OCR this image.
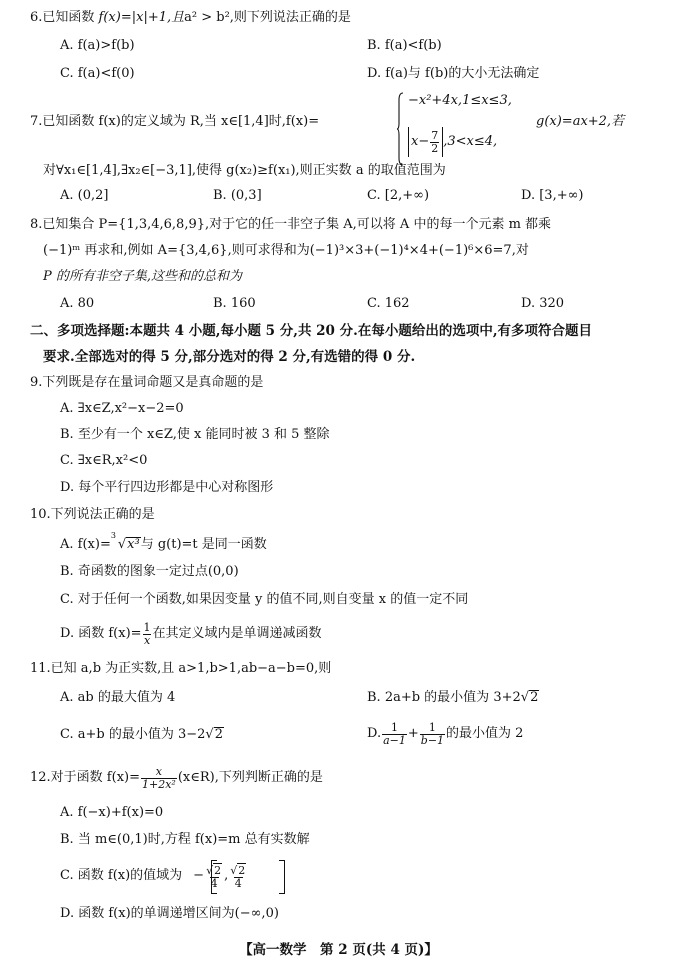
6.已知函数 f(x)=|x|+1,且a² > b²,则下列说法正确的是
A. f(a)>f(b)	B. f(a)<f(b)
C. f(a)<f(0)	D. f(a)与 f(b)的大小无法确定
7.已知函数 f(x)的定义域为 R,当 x∈[1,4]时,f(x)=
−x²+4x,1≤x≤3,
$x- \frac{7}{2} ,3<x\le 4$,
g(x)=ax+2,若
对∀x₁∈[1,4],∃x₂∈[−3,1],使得 g(x₂)≥f(x₁),则正实数 a 的取值范围为
A. (0,2]	B. (0,3]	C. [2,+∞)	D. [3,+∞)
8.已知集合 P={1,3,4,6,8,9},对于它的任一非空子集 A,可以将 A 中的每一个元素 m 都乘
(−1)ᵐ 再求和,例如 A={3,4,6},则可求得和为(−1)³×3+(−1)⁴×4+(−1)⁶×6=7,对
P 的所有非空子集,这些和的总和为
A. 80	B. 160	C. 162	D. 320
二、多项选择题:本题共 4 小题,每小题 5 分,共 20 分.在每小题给出的选项中,有多项符合题目
要求.全部选对的得 5 分,部分选对的得 2 分,有选错的得 0 分.
9.下列既是存在量词命题又是真命题的是
A. ∃x∈Z,x²−x−2=0
B. 至少有一个 x∈Z,使 x 能同时被 3 和 5 整除
C. ∃x∈R,x²<0
D. 每个平行四边形都是中心对称图形
10.下列说法正确的是
A. f(x)=
3
√x³与 g(t)=t 是同一函数
B. 奇函数的图象一定过点(0,0)
C. 对于任何一个函数,如果因变量 y 的值不同,则自变量 x 的值一定不同
D. 函数 $f(x)= \frac{1}{x}$ 在其定义域内是单调递减函数
11.已知 a,b 为正实数,且 a>1,b>1,ab−a−b=0,则
A. ab 的最大值为 4	B. 2a+b 的最小值为 3+2√2
C. a+b 的最小值为 3−2√2	D. $\frac{1}{a-1} + \frac{1}{b-1}$ 的最小值为 2
12.对于函数 $f(x)= \frac{x}{\text{1+2x²}}$ (x∈R),下列判断正确的是
A. f(−x)+f(x)=0
B. 当 m∈(0,1)时,方程 f(x)=m 总有实数解
C. 函数 f(x)的值域为 − $\frac{√2}{4}$ , $\frac{√2}{4}$
D. 函数 f(x)的单调递增区间为(−∞,0)
【高一数学　第 2 页(共 4 页)】
